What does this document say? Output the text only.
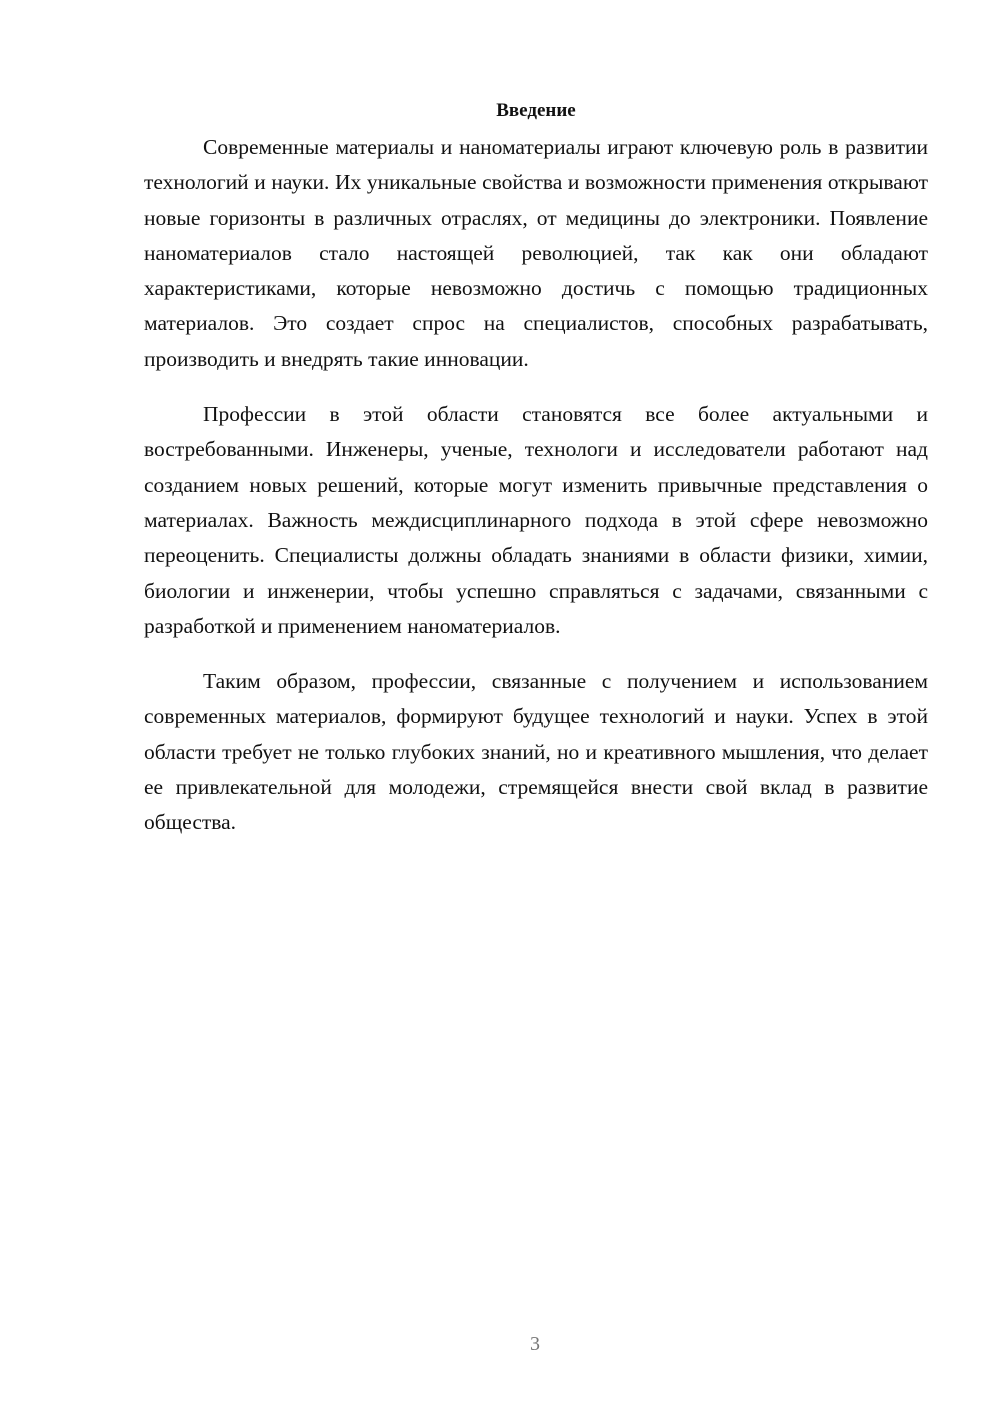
Введение

Современные материалы и наноматериалы играют ключевую роль в развитии технологий и науки. Их уникальные свойства и возможности применения открывают новые горизонты в различных отраслях, от медицины до электроники. Появление наноматериалов стало настоящей революцией, так как они обладают характеристиками, которые невозможно достичь с помощью традиционных материалов. Это создает спрос на специалистов, способных разрабатывать, производить и внедрять такие инновации.

Профессии в этой области становятся все более актуальными и востребованными. Инженеры, ученые, технологи и исследователи работают над созданием новых решений, которые могут изменить привычные представления о материалах. Важность междисциплинарного подхода в этой сфере невозможно переоценить. Специалисты должны обладать знаниями в области физики, химии, биологии и инженерии, чтобы успешно справляться с задачами, связанными с разработкой и применением наноматериалов.

Таким образом, профессии, связанные с получением и использованием современных материалов, формируют будущее технологий и науки. Успех в этой области требует не только глубоких знаний, но и креативного мышления, что делает ее привлекательной для молодежи, стремящейся внести свой вклад в развитие общества.

3
